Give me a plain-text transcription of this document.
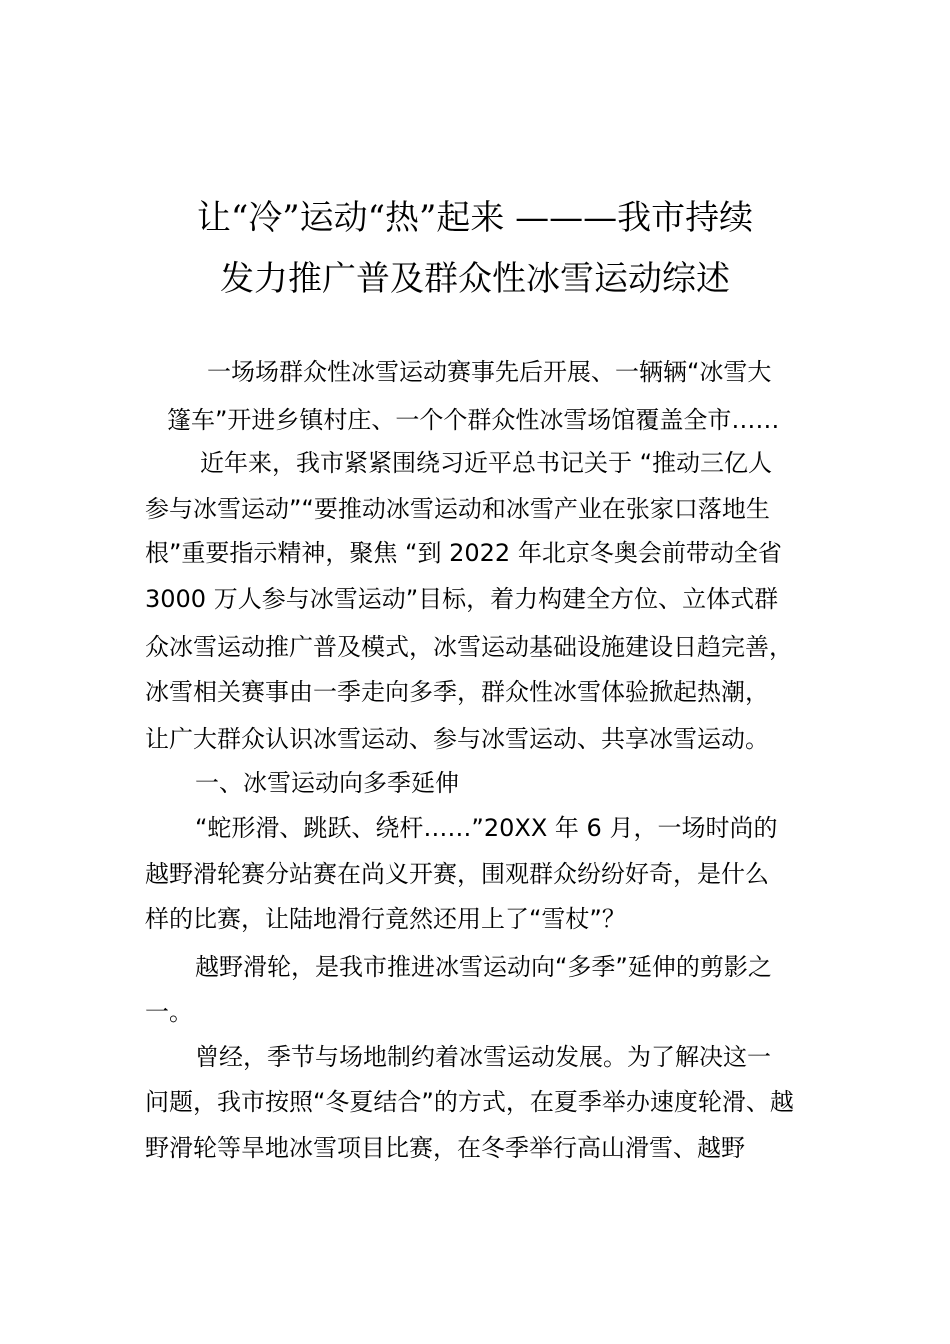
让“冷”运动“热”起来 ———我市持续
发力推广普及群众性冰雪运动综述
一场场群众性冰雪运动赛事先后开展、一辆辆“冰雪大
篷车”开进乡镇村庄、一个个群众性冰雪场馆覆盖全市……
近年来，我市紧紧围绕习近平总书记关于 “推动三亿人
参与冰雪运动”“要推动冰雪运动和冰雪产业在张家口落地生
根”重要指示精神，聚焦 “到 2022 年北京冬奥会前带动全省
3000 万人参与冰雪运动”目标，着力构建全方位、立体式群
众冰雪运动推广普及模式，冰雪运动基础设施建设日趋完善，
冰雪相关赛事由一季走向多季，群众性冰雪体验掀起热潮，
让广大群众认识冰雪运动、参与冰雪运动、共享冰雪运动。
一、冰雪运动向多季延伸
“蛇形滑、跳跃、绕杆……”20XX 年 6 月，一场时尚的
越野滑轮赛分站赛在尚义开赛，围观群众纷纷好奇，是什么
样的比赛，让陆地滑行竟然还用上了“雪杖”？
越野滑轮，是我市推进冰雪运动向“多季”延伸的剪影之
一。
曾经，季节与场地制约着冰雪运动发展。为了解决这一
问题，我市按照“冬夏结合”的方式，在夏季举办速度轮滑、越
野滑轮等旱地冰雪项目比赛，在冬季举行高山滑雪、越野
